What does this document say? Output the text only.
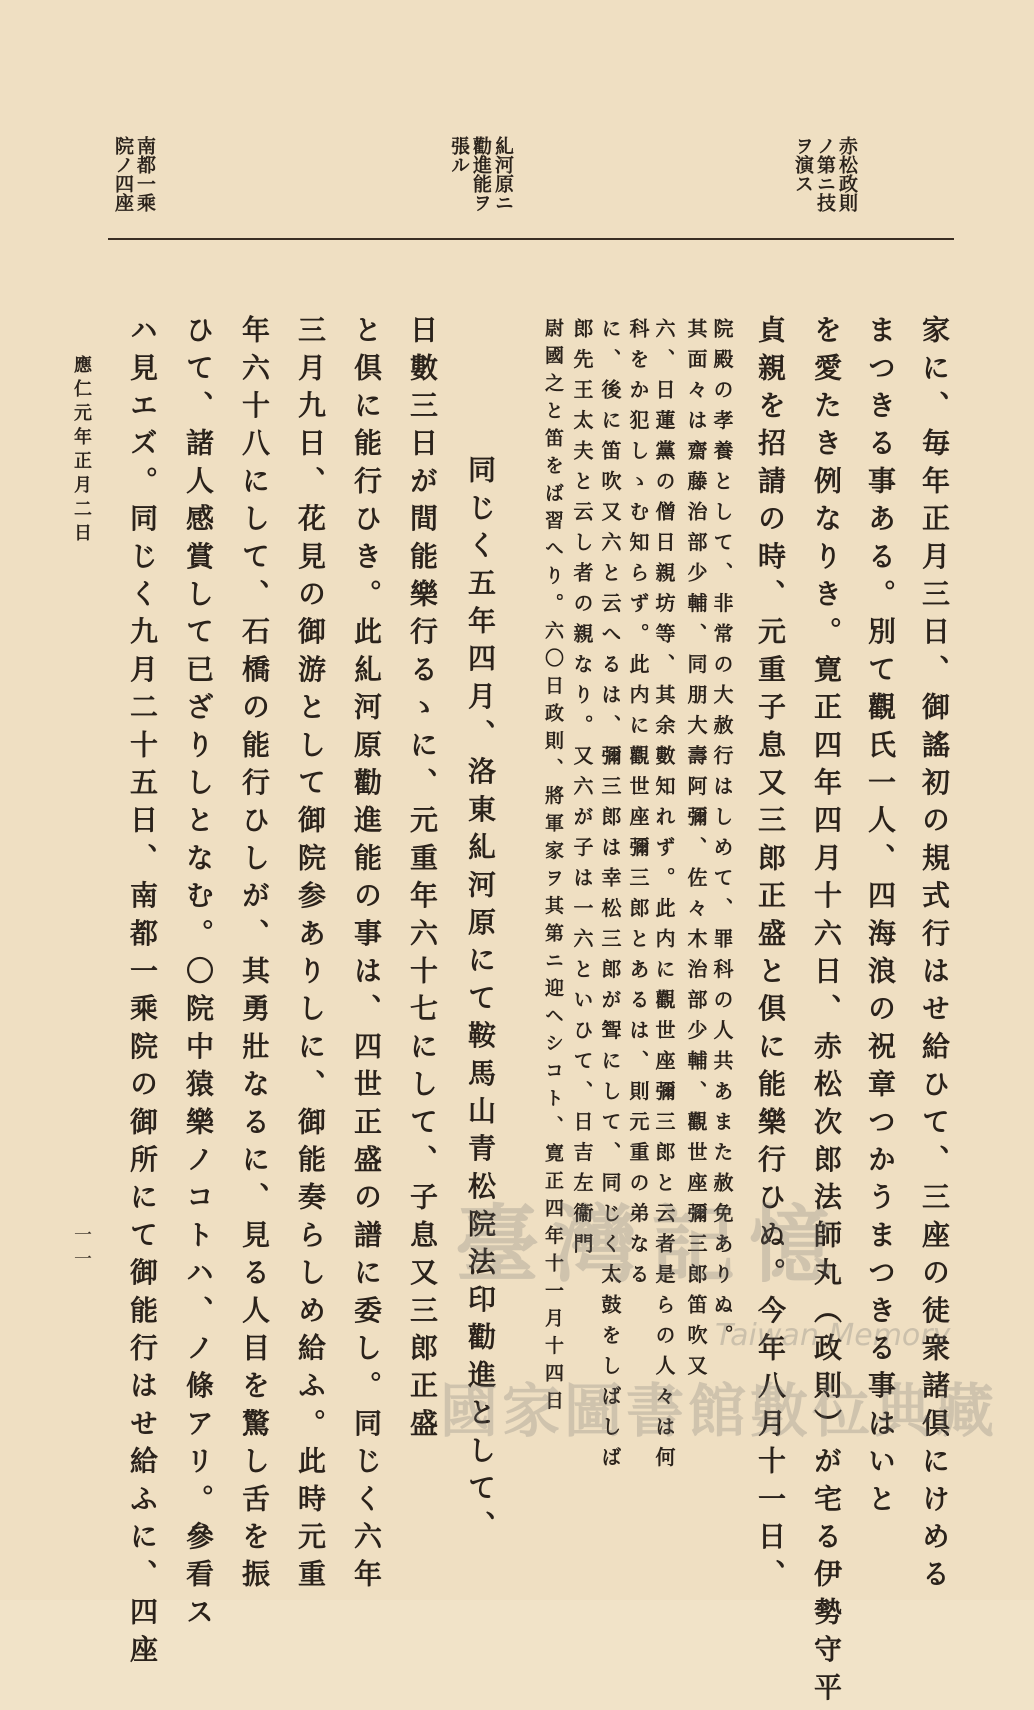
赤松政則
ノ第ニ技
ヲ演ス
糺河原ニ
勸進能ヲ
張ル
南都一乘
院ノ四座
家に、毎年正月三日、御謠初の規式行はせ給ひて、三座の徒衆諸倶にけめる
まつきる事ある。別て觀氏一人、四海浪の祝章つかうまつきる事はいと
を愛たき例なりき。寛正四年四月十六日、赤松次郎法師丸（政則）が宅る伊勢守平
貞親を招請の時、元重子息又三郎正盛と倶に能樂行ひぬ。今年八月十一日、
院殿の孝養として、非常の大赦行はしめて、罪科の人共あまた赦免ありぬ。
其面々は齋藤治部少輔、同朋大壽阿彌、佐々木治部少輔、觀世座彌三郎笛吹又
六、日蓮黨の僧日親坊等、其余數知れず。此内に觀世座彌三郎と云者是らの人々は何
科をか犯しゝむ知らず。此内に觀世座彌三郎とあるは、則元重の弟なる
に、後に笛吹又六と云へるは、彌三郎は幸松三郎が聟にして、同じく太鼓をしばしば
郎先王太夫と云し者の親なり。又六が子は一六といひて、日吉左衞門
尉國之と笛をば習へり。六〇日政則、將軍家ヲ其第ニ迎ヘシコト、寛正四年十一月十四日
同じく五年四月、洛東糺河原にて鞍馬山青松院法印勸進として、
日數三日が間能樂行るゝに、元重年六十七にして、子息又三郎正盛
と倶に能行ひき。此糺河原勸進能の事は、四世正盛の譜に委し。同じく六年
三月九日、花見の御游として御院参ありしに、御能奏らしめ給ふ。此時元重
年六十八にして、石橋の能行ひしが、其勇壯なるに、見る人目を驚し舌を振
ひて、諸人感賞して已ざりしとなむ。〇院中猿樂ノコトハ、ノ條アリ。參看ス
ハ見エズ。同じく九月二十五日、南都一乘院の御所にて御能行はせ給ふに、四座
應仁元年正月二日
一一	臺灣記憶
Taiwan Memory
國家圖書館數位典藏
